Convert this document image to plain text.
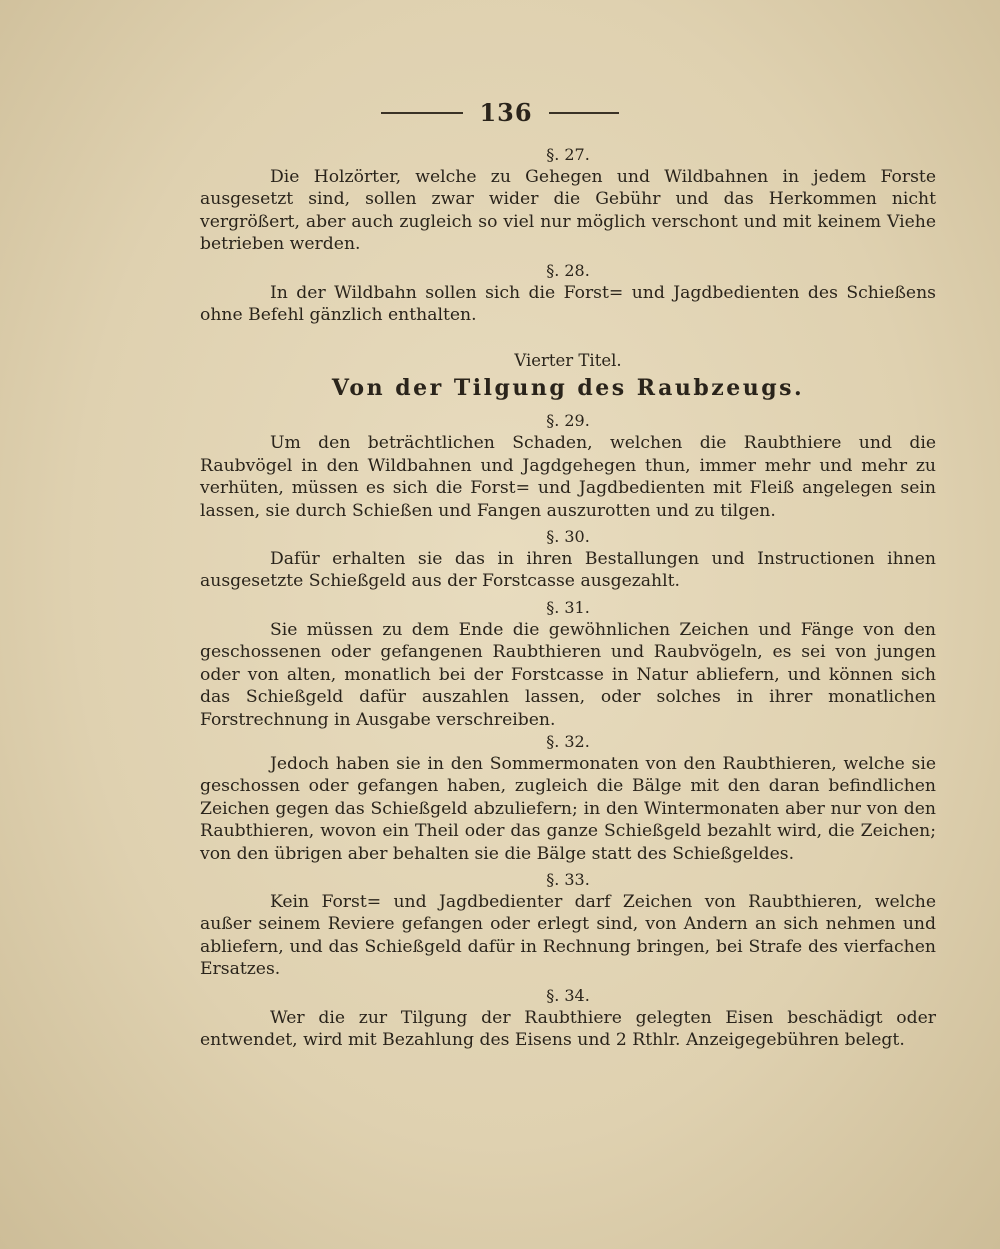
136

§. 27.

Die Holzörter, welche zu Gehegen und Wildbahnen in jedem Forste ausgesetzt sind, sollen zwar wider die Gebühr und das Herkommen nicht vergrößert, aber auch zugleich so viel nur möglich verschont und mit keinem Viehe betrieben werden.

§. 28.

In der Wildbahn sollen sich die Forst= und Jagdbedienten des Schießens ohne Befehl gänzlich enthalten.

Vierter Titel.

Von der Tilgung des Raubzeugs.

§. 29.

Um den beträchtlichen Schaden, welchen die Raubthiere und die Raubvögel in den Wildbahnen und Jagdgehegen thun, immer mehr und mehr zu verhüten, müssen es sich die Forst= und Jagdbedienten mit Fleiß angelegen sein lassen, sie durch Schießen und Fangen auszurotten und zu tilgen.

§. 30.

Dafür erhalten sie das in ihren Bestallungen und Instructionen ihnen ausgesetzte Schießgeld aus der Forstcasse ausgezahlt.

§. 31.

Sie müssen zu dem Ende die gewöhnlichen Zeichen und Fänge von den geschossenen oder gefangenen Raubthieren und Raubvögeln, es sei von jungen oder von alten, monatlich bei der Forstcasse in Natur abliefern, und können sich das Schießgeld dafür auszahlen lassen, oder solches in ihrer monatlichen Forstrechnung in Ausgabe verschreiben.

§. 32.

Jedoch haben sie in den Sommermonaten von den Raubthieren, welche sie geschossen oder gefangen haben, zugleich die Bälge mit den daran befindlichen Zeichen gegen das Schießgeld abzuliefern; in den Wintermonaten aber nur von den Raubthieren, wovon ein Theil oder das ganze Schießgeld bezahlt wird, die Zeichen; von den übrigen aber behalten sie die Bälge statt des Schießgeldes.

§. 33.

Kein Forst= und Jagdbedienter darf Zeichen von Raubthieren, welche außer seinem Reviere gefangen oder erlegt sind, von Andern an sich nehmen und abliefern, und das Schießgeld dafür in Rechnung bringen, bei Strafe des vierfachen Ersatzes.

§. 34.

Wer die zur Tilgung der Raubthiere gelegten Eisen beschädigt oder entwendet, wird mit Bezahlung des Eisens und 2 Rthlr. Anzeigegebühren belegt.
